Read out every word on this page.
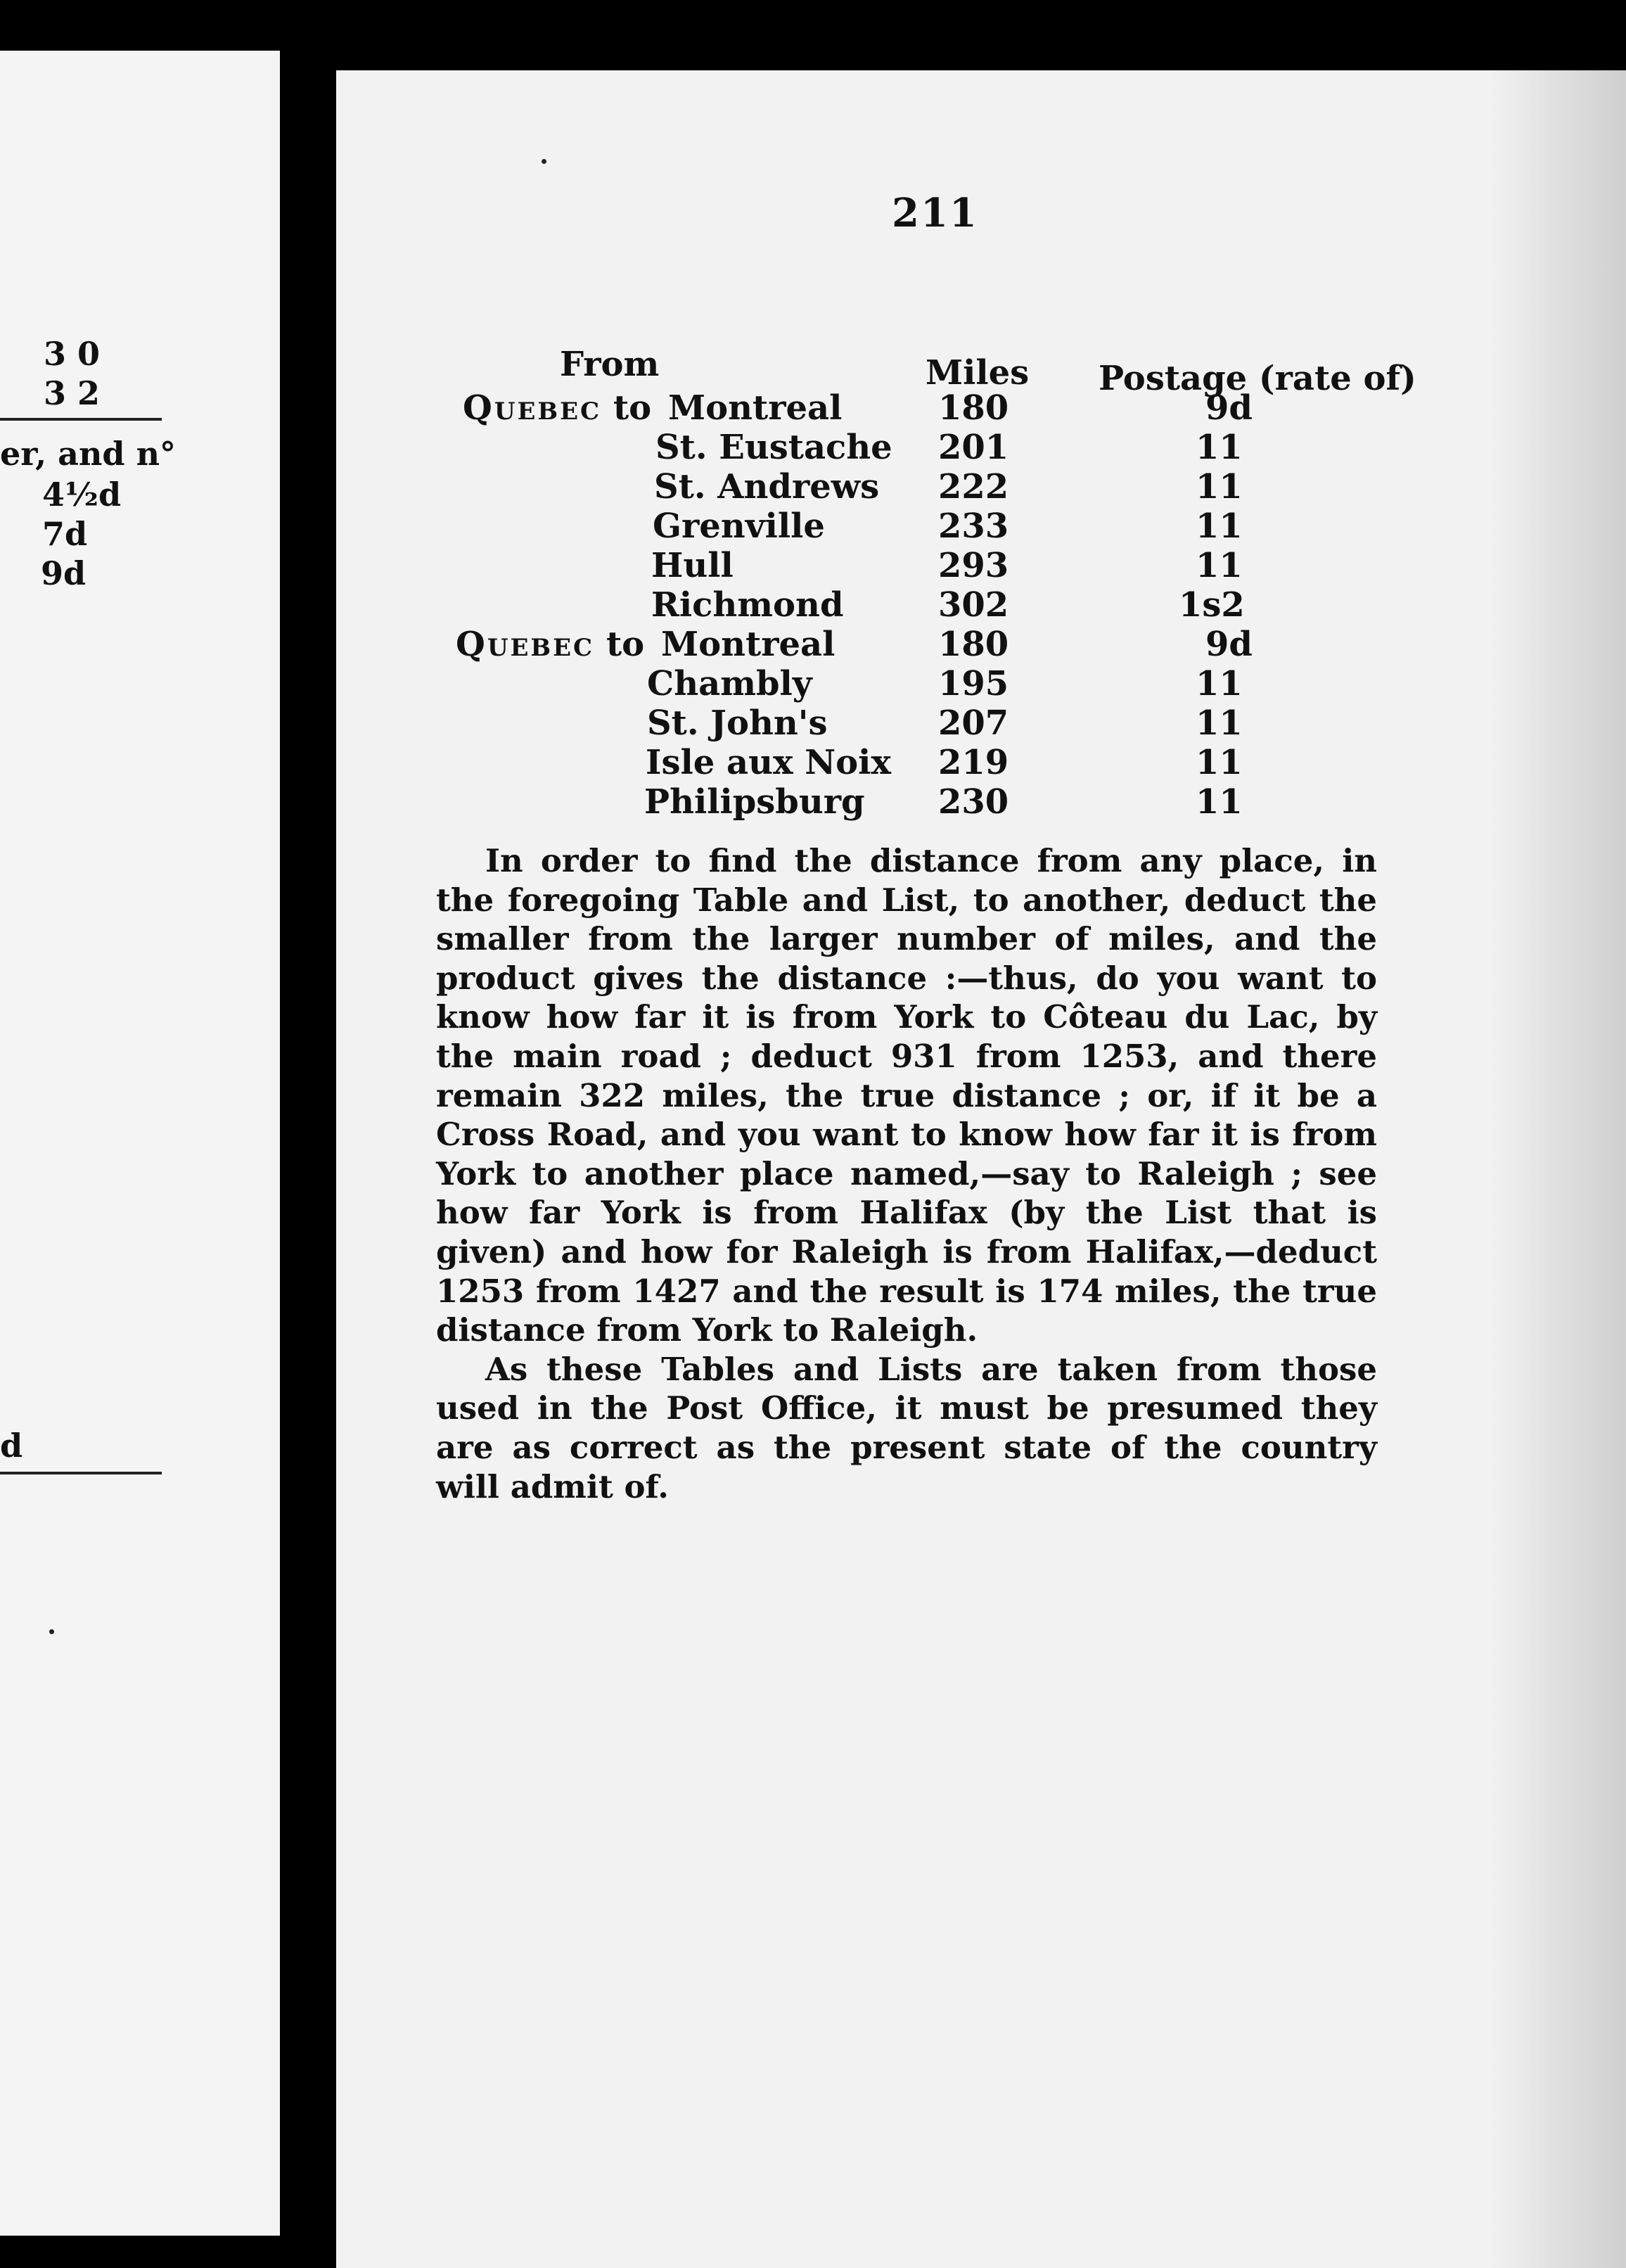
3 0
3 2
er, and n°
4½d
7d
9d
d
211
From	Miles Postage (rate of)
Quebec to Montreal	180	9d
St. Eustache 201	11
St. Andrews 222	11
Grenville	233	11
Hull	293	11
Richmond	302	1s2
Quebec to Montreal	180	9d
Chambly	195	11
St. John's	207	11
Isle aux Noix 219	11
Philipsburg 230	11

In order to find the distance from any place, in the foregoing Table and List, to another, deduct the smaller from the larger number of miles, and the product gives the distance :—thus, do you want to know how far it is from York to Côteau du Lac, by the main road ; deduct 931 from 1253, and there remain 322 miles, the true distance ; or, if it be a Cross Road, and you want to know how far it is from York to another place named,—say to Raleigh ; see how far York is from Halifax (by the List that is given) and how for Raleigh is from Halifax,—deduct 1253 from 1427 and the result is 174 miles, the true distance from York to Raleigh.

As these Tables and Lists are taken from those used in the Post Office, it must be presumed they are as correct as the present state of the country will admit of.
